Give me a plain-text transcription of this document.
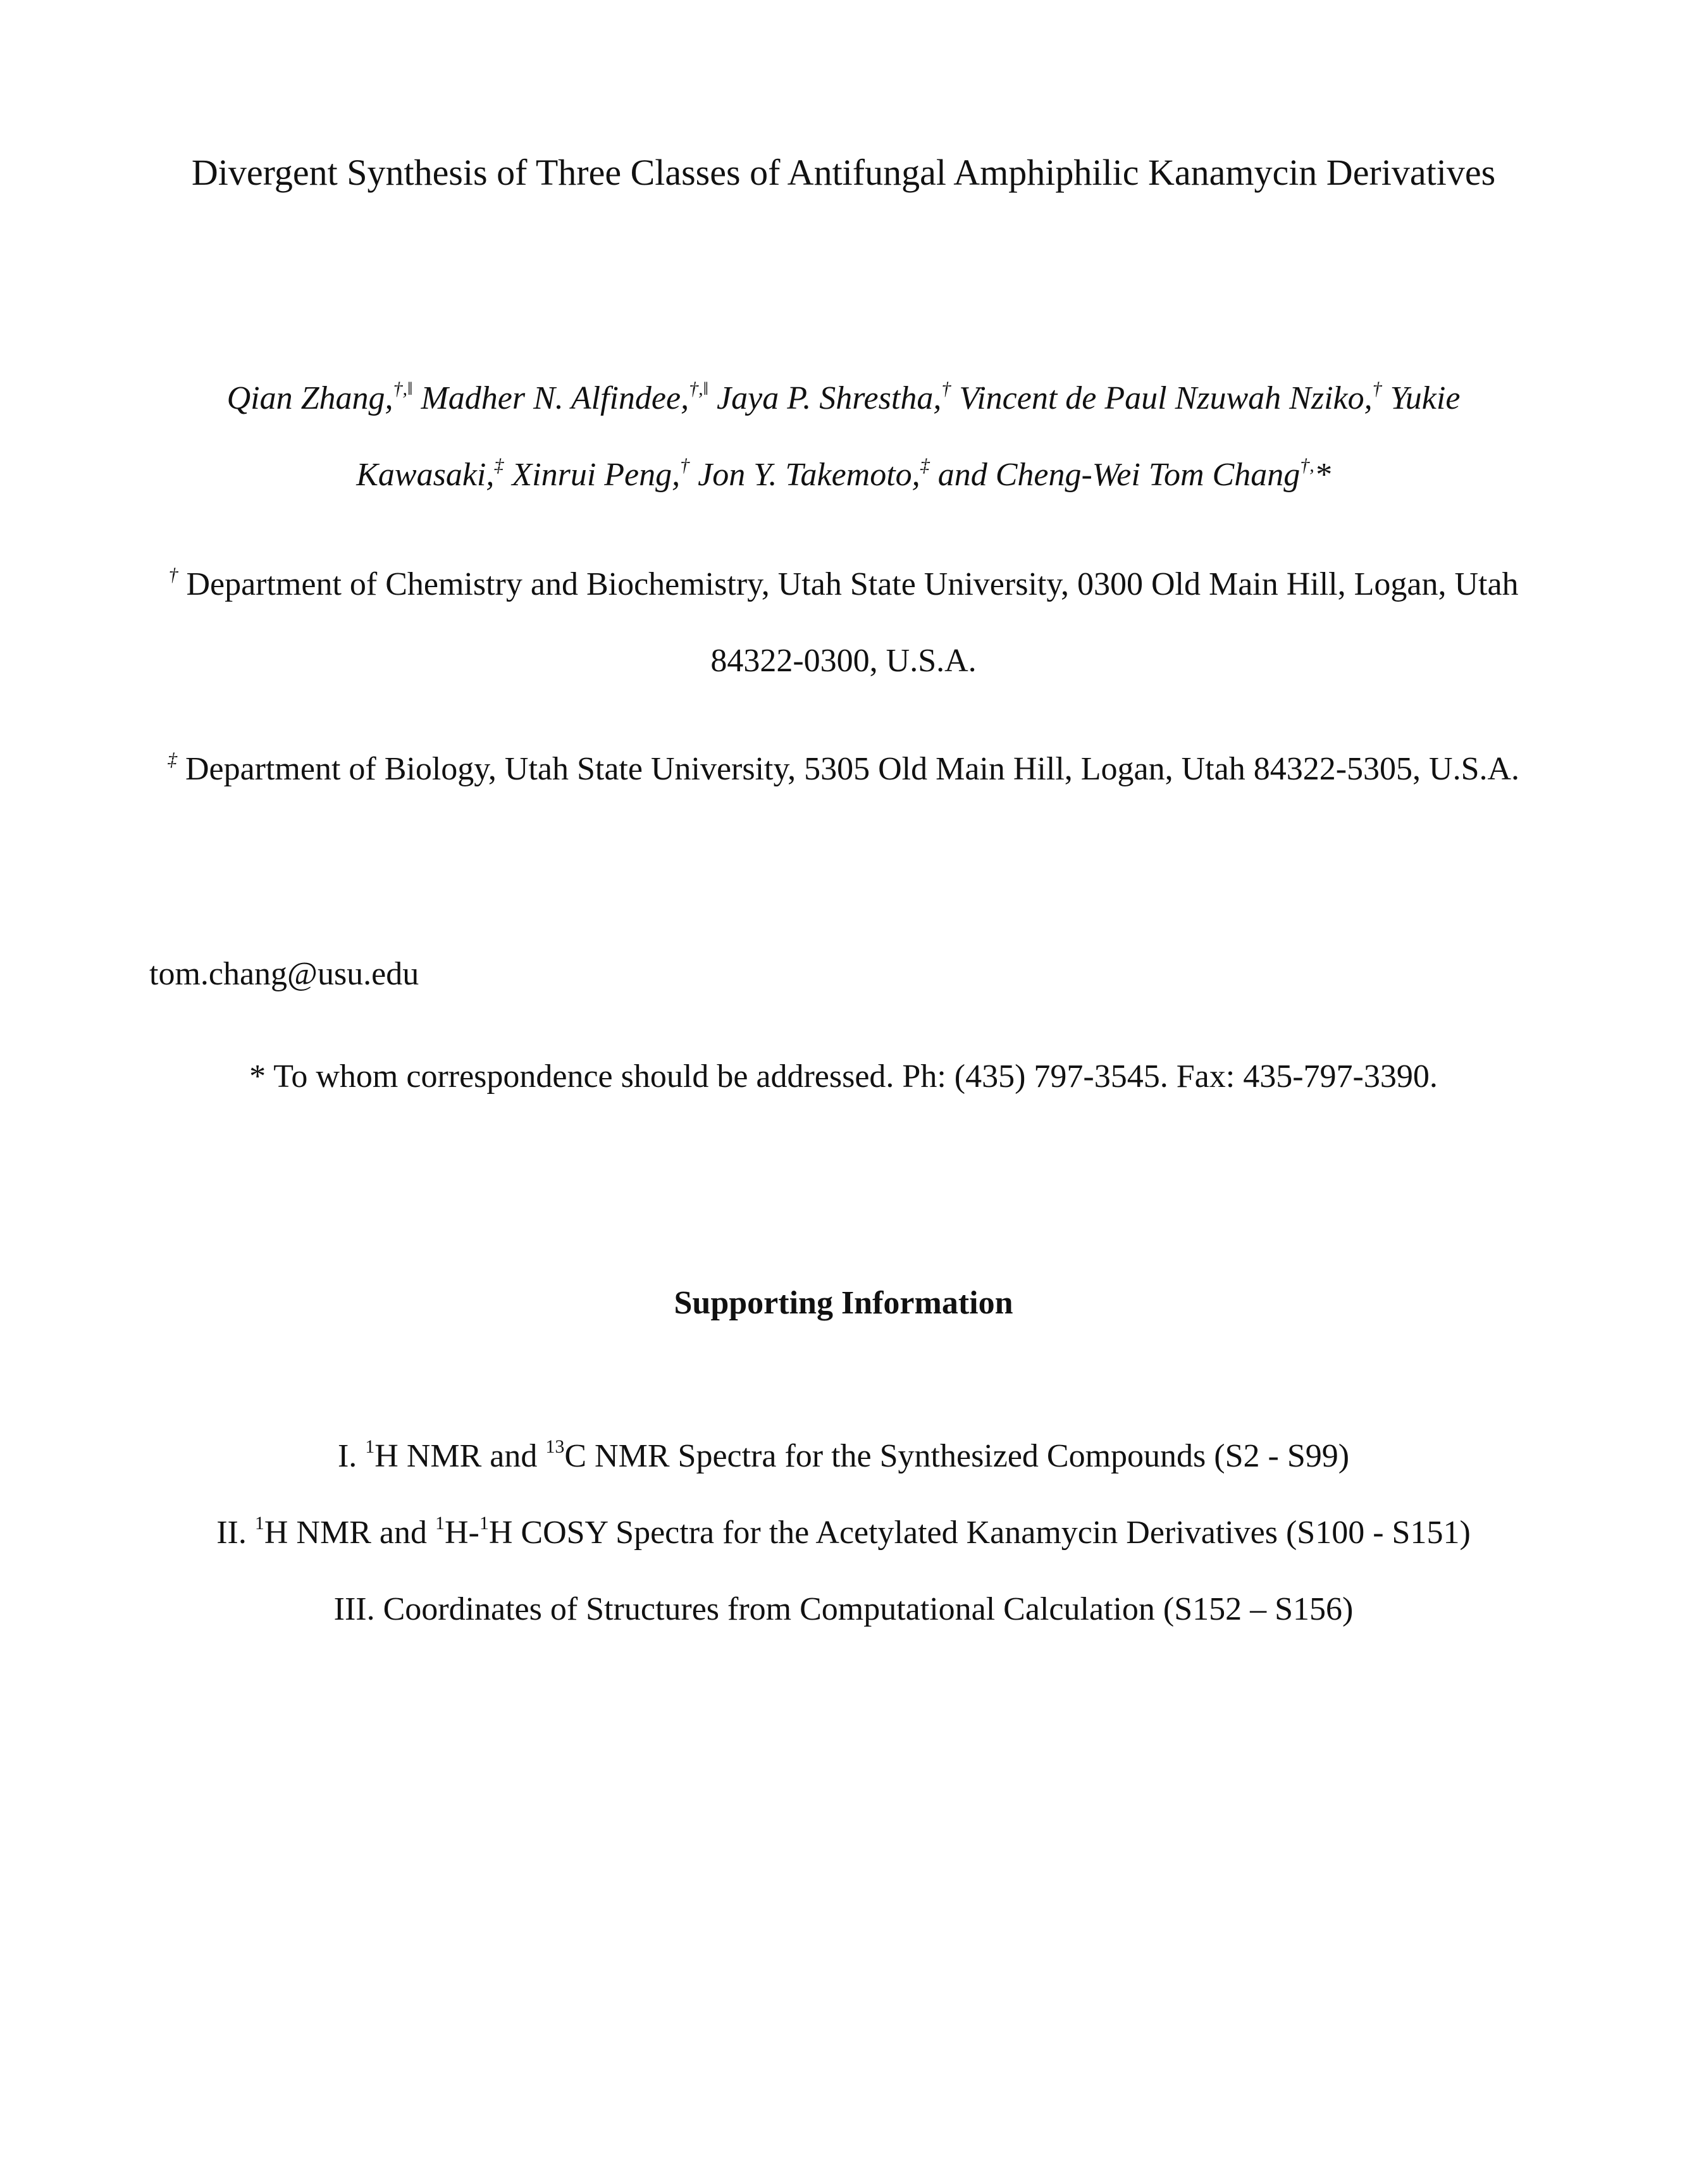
Divergent Synthesis of Three Classes of Antifungal Amphiphilic Kanamycin Derivatives
Qian Zhang,†,‖ Madher N. Alfindee,†,‖ Jaya P. Shrestha,† Vincent de Paul Nzuwah Nziko,† Yukie
Kawasaki,‡ Xinrui Peng,† Jon Y. Takemoto,‡ and Cheng-Wei Tom Chang†,*
† Department of Chemistry and Biochemistry, Utah State University, 0300 Old Main Hill, Logan, Utah
84322-0300, U.S.A.
‡ Department of Biology, Utah State University, 5305 Old Main Hill, Logan, Utah 84322-5305, U.S.A.
tom.chang@usu.edu
* To whom correspondence should be addressed. Ph: (435) 797-3545. Fax: 435-797-3390.
Supporting Information
I. $^1$H NMR and $^{13}$C NMR Spectra for the Synthesized Compounds (S2 - S99)
II. $^1$H NMR and $^1$H-$^1$H COSY Spectra for the Acetylated Kanamycin Derivatives (S100 - S151)
III. Coordinates of Structures from Computational Calculation (S152 – S156)
